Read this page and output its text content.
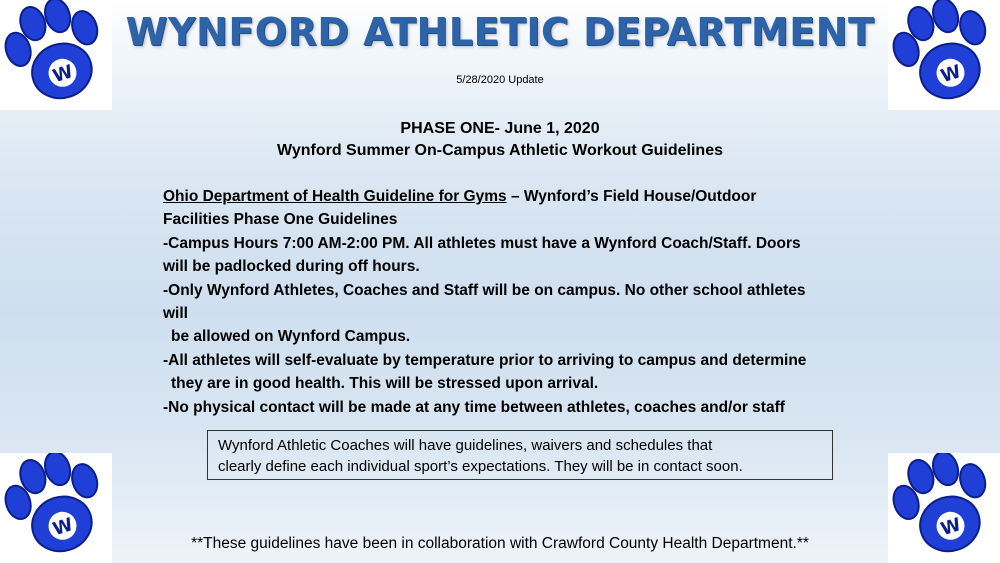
W	W
W	W
WYNFORD ATHLETIC DEPARTMENT
5/28/2020 Update
PHASE ONE- June 1, 2020
Wynford Summer On-Campus Athletic Workout Guidelines

Ohio Department of Health Guideline for Gyms – Wynford’s Field House/Outdoor

Facilities Phase One Guidelines

-Campus Hours 7:00 AM-2:00 PM. All athletes must have a Wynford Coach/Staff. Doors

will be padlocked during off hours.

-Only Wynford Athletes, Coaches and Staff will be on campus. No other school athletes

will

be allowed on Wynford Campus.

-All athletes will self-evaluate by temperature prior to arriving to campus and determine

they are in good health. This will be stressed upon arrival.

-No physical contact will be made at any time between athletes, coaches and/or staff

Wynford Athletic Coaches will have guidelines, waivers and schedules that

clearly define each individual sport’s expectations. They will be in contact soon.

**These guidelines have been in collaboration with Crawford County Health Department.**
